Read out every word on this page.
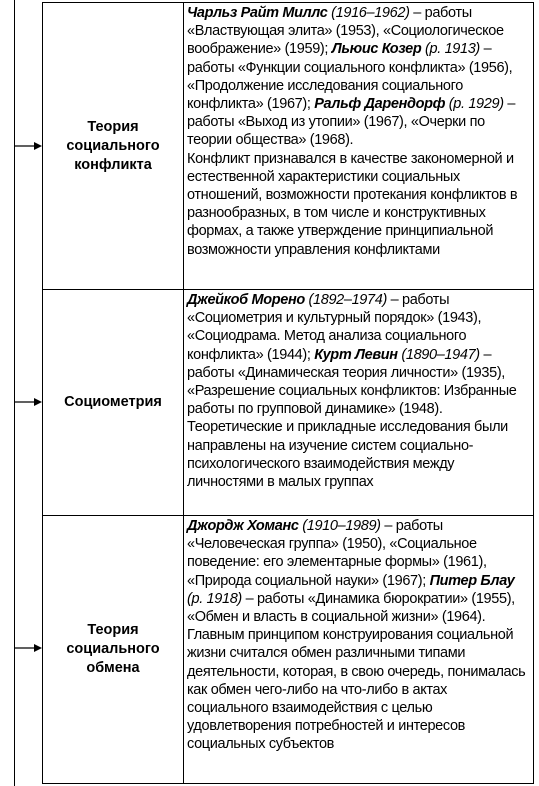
Теория социального конфликта	Чарльз Райт Миллс (1916–1962) – работы «Властвующая элита» (1953), «Социологическое воображение» (1959); Льюис Козер (р. 1913) – работы «Функции социального конфликта» (1956), «Продолжение исследования социального конфликта» (1967); Ральф Дарендорф (р. 1929) – работы «Выход из утопии» (1967), «Очерки по теории общества» (1968).
Конфликт признавался в качестве закономерной и естественной характеристики социальных отношений, возможности протекания конфликтов в разнообразных, в том числе и конструктивных формах, а также утверждение принципиальной возможности управления конфликтами
Социометрия	Джейкоб Морено (1892–1974) – работы «Социометрия и культурный порядок» (1943), «Социодрама. Метод анализа социального конфликта» (1944); Курт Левин (1890–1947) – работы «Динамическая теория личности» (1935), «Разрешение социальных конфликтов: Избранные работы по групповой динамике» (1948).
Теоретические и прикладные исследования были направлены на изучение систем социально-психологического взаимодействия между личностями в малых группах
Теория социального обмена	Джордж Хоманс (1910–1989) – работы «Человеческая группа» (1950), «Социальное поведение: его элементарные формы» (1961), «Природа социальной науки» (1967); Питер Блау (р. 1918) – работы «Динамика бюрократии» (1955), «Обмен и власть в социальной жизни» (1964).
Главным принципом конструирования социальной жизни считался обмен различными типами деятельности, которая, в свою очередь, понималась как обмен чего-либо на что-либо в актах социального взаимодействия с целью удовлетворения потребностей и интересов социальных субъектов
